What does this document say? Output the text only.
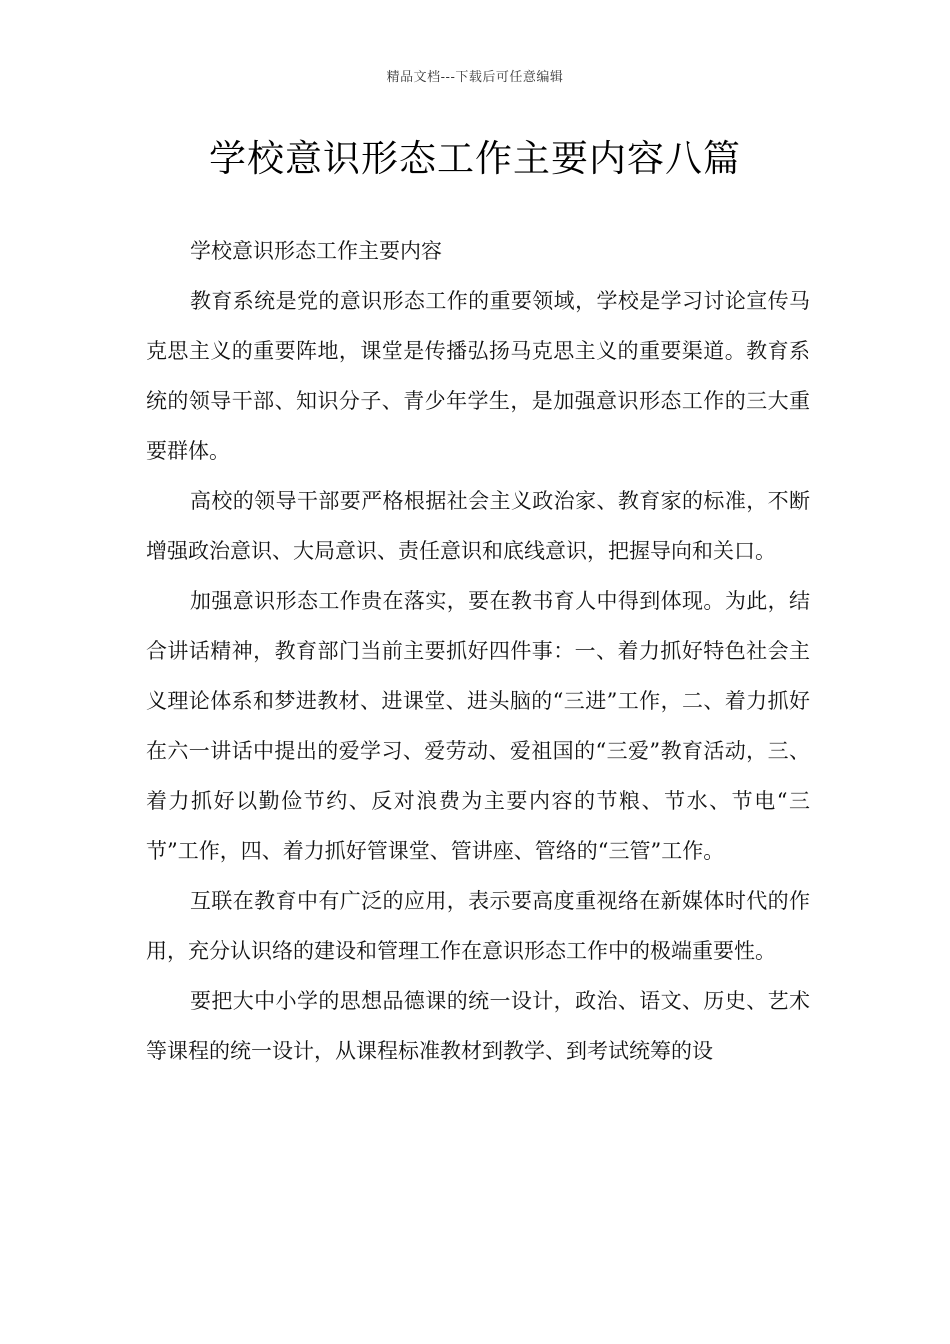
精品文档---下载后可任意编辑
学校意识形态工作主要内容八篇

学校意识形态工作主要内容

教育系统是党的意识形态工作的重要领域，学校是学习讨论宣传马克思主义的重要阵地，课堂是传播弘扬马克思主义的重要渠道。教育系统的领导干部、知识分子、青少年学生，是加强意识形态工作的三大重要群体。

高校的领导干部要严格根据社会主义政治家、教育家的标准，不断增强政治意识、大局意识、责任意识和底线意识，把握导向和关口。

加强意识形态工作贵在落实，要在教书育人中得到体现。为此，结合讲话精神，教育部门当前主要抓好四件事：一、着力抓好特色社会主义理论体系和梦进教材、进课堂、进头脑的“三进”工作，二、着力抓好在六一讲话中提出的爱学习、爱劳动、爱祖国的“三爱”教育活动，三、着力抓好以勤俭节约、反对浪费为主要内容的节粮、节水、节电“三节”工作，四、着力抓好管课堂、管讲座、管络的“三管”工作。

互联在教育中有广泛的应用，表示要高度重视络在新媒体时代的作用，充分认识络的建设和管理工作在意识形态工作中的极端重要性。

要把大中小学的思想品德课的统一设计，政治、语文、历史、艺术等课程的统一设计，从课程标准教材到教学、到考试统筹的设
